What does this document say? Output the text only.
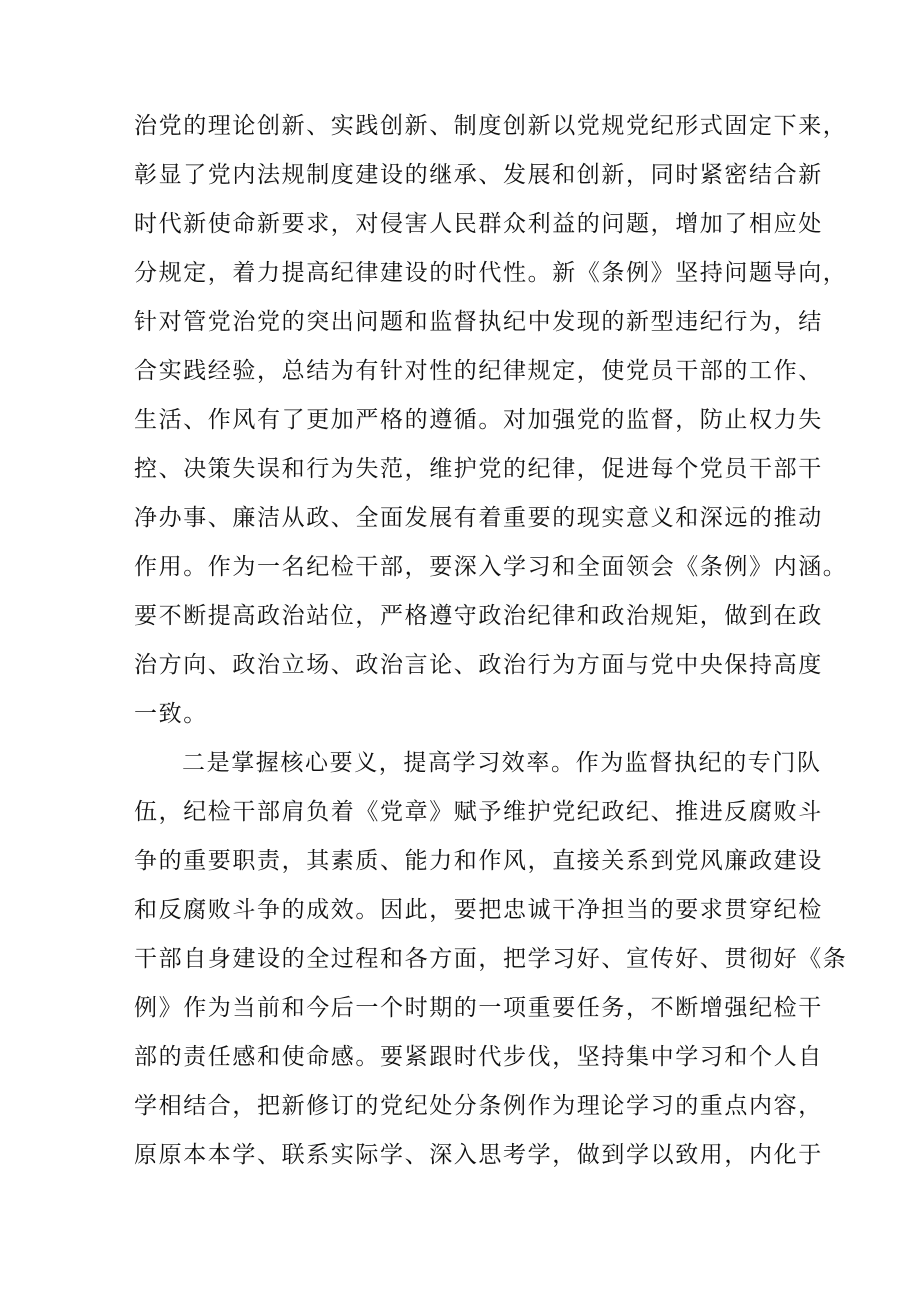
治党的理论创新、实践创新、制度创新以党规党纪形式固定下来，
彰显了党内法规制度建设的继承、发展和创新，同时紧密结合新
时代新使命新要求，对侵害人民群众利益的问题，增加了相应处
分规定，着力提高纪律建设的时代性。新《条例》坚持问题导向，
针对管党治党的突出问题和监督执纪中发现的新型违纪行为，结
合实践经验，总结为有针对性的纪律规定，使党员干部的工作、
生活、作风有了更加严格的遵循。对加强党的监督，防止权力失
控、决策失误和行为失范，维护党的纪律，促进每个党员干部干
净办事、廉洁从政、全面发展有着重要的现实意义和深远的推动
作用。作为一名纪检干部，要深入学习和全面领会《条例》内涵。
要不断提高政治站位，严格遵守政治纪律和政治规矩，做到在政
治方向、政治立场、政治言论、政治行为方面与党中央保持高度
一致。
二是掌握核心要义，提高学习效率。作为监督执纪的专门队
伍，纪检干部肩负着《党章》赋予维护党纪政纪、推进反腐败斗
争的重要职责，其素质、能力和作风，直接关系到党风廉政建设
和反腐败斗争的成效。因此，要把忠诚干净担当的要求贯穿纪检
干部自身建设的全过程和各方面，把学习好、宣传好、贯彻好《条
例》作为当前和今后一个时期的一项重要任务，不断增强纪检干
部的责任感和使命感。要紧跟时代步伐，坚持集中学习和个人自
学相结合，把新修订的党纪处分条例作为理论学习的重点内容，
原原本本学、联系实际学、深入思考学，做到学以致用，内化于
